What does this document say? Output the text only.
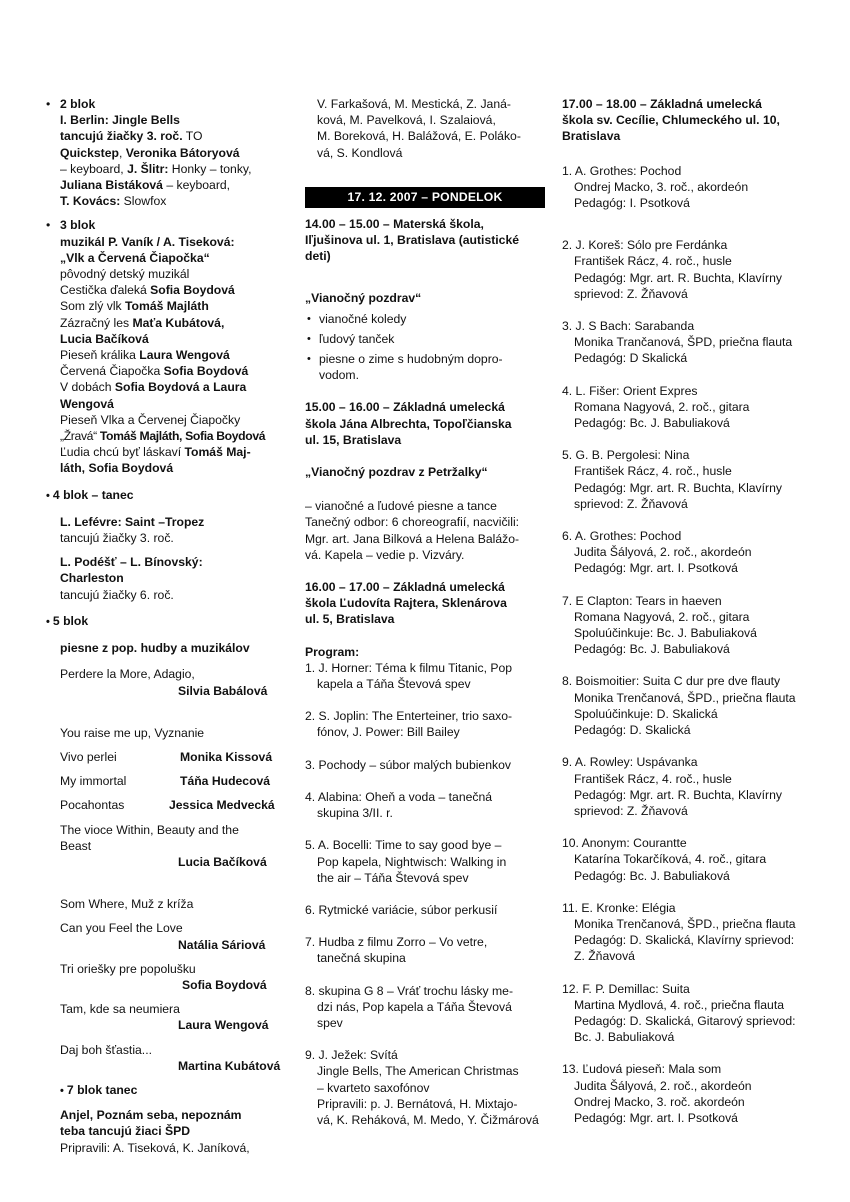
• 2 blok

I. Berlin: Jingle Bells

tancujú žiačky 3. roč. TO

Quickstep, Veronika Bátoryová

– keyboard, J. Šlitr: Honky – tonky,

Juliana Bistáková – keyboard,

T. Kovács: Slowfox

• 3 blok

muzikál P. Vaník / A. Tiseková:

„Vlk a Červená Čiapočka“

pôvodný detský muzikál

Cestička ďaleká Sofia Boydová

Som zlý vlk Tomáš Majláth

Zázračný les Maťa Kubátová,

Lucia Bačíková

Pieseň králika Laura Wengová

Červená Čiapočka Sofia Boydová

V dobách Sofia Boydová a Laura

Wengová

Pieseň Vlka a Červenej Čiapočky

„Žravá“ Tomáš Majláth, Sofia Boydová

Ľudia chcú byť láskaví Tomáš Maj-

láth, Sofia Boydová

• 4 blok – tanec

L. Lefévre: Saint –Tropez

tancujú žiačky 3. roč.

L. Podéšť – L. Bínovský:

Charleston

tancujú žiačky 6. roč.

• 5 blok

piesne z pop. hudby a muzikálov

Perdere la More, Adagio,

Silvia Babálová

You raise me up, Vyznanie

Vivo perlei	Monika Kissová
My immortal	Táňa Hudecová
Pocahontas	Jessica Medvecká

The vioce Within, Beauty and the

Beast

Lucia Bačíková

Som Where, Muž z kríža

Can you Feel the Love

Natália Sáriová

Tri oriešky pre popolušku

Sofia Boydová

Tam, kde sa neumiera

Laura Wengová

Daj boh šťastia...

Martina Kubátová

• 7 blok tanec

Anjel, Poznám seba, nepoznám

teba tancujú žiaci ŠPD

Pripravili: A. Tiseková, K. Janíková,

V. Farkašová, M. Mestická, Z. Janá-

ková, M. Pavelková, I. Szalaiová,

M. Boreková, H. Balážová, E. Poláko-

vá, S. Kondlová

17. 12. 2007 – PONDELOK

14.00 – 15.00 – Materská škola,

Iľjušinova ul. 1, Bratislava (autistické

deti)

„Vianočný pozdrav“

• vianočné koledy

• ľudový tanček

• piesne o zime s hudobným dopro-

vodom.

15.00 – 16.00 – Základná umelecká

škola Jána Albrechta, Topoľčianska

ul. 15, Bratislava

„Vianočný pozdrav z Petržalky“

– vianočné a ľudové piesne a tance

Tanečný odbor: 6 choreografií, nacvičili:

Mgr. art. Jana Bilková a Helena Balážo-

vá. Kapela – vedie p. Vizváry.

16.00 – 17.00 – Základná umelecká

škola Ľudovíta Rajtera, Sklenárova

ul. 5, Bratislava

Program:

1. J. Horner: Téma k filmu Titanic, Pop

kapela a Táňa Števová spev

2. S. Joplin: The Enterteiner, trio saxo-

fónov, J. Power: Bill Bailey

3. Pochody – súbor malých bubienkov

4. Alabina: Oheň a voda – tanečná

skupina 3/II. r.

5. A. Bocelli: Time to say good bye –

Pop kapela, Nightwisch: Walking in

the air – Táňa Števová spev

6. Rytmické variácie, súbor perkusií

7. Hudba z filmu Zorro – Vo vetre,

tanečná skupina

8. skupina G 8 – Vráť trochu lásky me-

dzi nás, Pop kapela a Táňa Števová

spev

9. J. Ježek: Svítá

Jingle Bells, The American Christmas

– kvarteto saxofónov

Pripravili: p. J. Bernátová, H. Mixtajo-

vá, K. Reháková, M. Medo, Y. Čižmárová

17.00 – 18.00 – Základná umelecká

škola sv. Cecílie, Chlumeckého ul. 10,

Bratislava

1. A. Grothes: Pochod

Ondrej Macko, 3. roč., akordeón

Pedagóg: I. Psotková

2. J. Koreš: Sólo pre Ferdánka

František Rácz, 4. roč., husle

Pedagóg: Mgr. art. R. Buchta, Klavírny

sprievod: Z. Žňavová

3. J. S Bach: Sarabanda

Monika Trančanová, ŠPD, priečna flauta

Pedagóg: D Skalická

4. L. Fišer: Orient Expres

Romana Nagyová, 2. roč., gitara

Pedagóg: Bc. J. Babuliaková

5. G. B. Pergolesi: Nina

František Rácz, 4. roč., husle

Pedagóg: Mgr. art. R. Buchta, Klavírny

sprievod: Z. Žňavová

6. A. Grothes: Pochod

Judita Šályová, 2. roč., akordeón

Pedagóg: Mgr. art. I. Psotková

7. E Clapton: Tears in haeven

Romana Nagyová, 2. roč., gitara

Spoluúčinkuje: Bc. J. Babuliaková

Pedagóg: Bc. J. Babuliaková

8. Boismoitier: Suita C dur pre dve flauty

Monika Trenčanová, ŠPD., priečna flauta

Spoluúčinkuje: D. Skalická

Pedagóg: D. Skalická

9. A. Rowley: Uspávanka

František Rácz, 4. roč., husle

Pedagóg: Mgr. art. R. Buchta, Klavírny

sprievod: Z. Žňavová

10. Anonym: Courantte

Katarína Tokarčíková, 4. roč., gitara

Pedagóg: Bc. J. Babuliaková

11. E. Kronke: Elégia

Monika Trenčanová, ŠPD., priečna flauta

Pedagóg: D. Skalická, Klavírny sprievod:

Z. Žňavová

12. F. P. Demillac: Suita

Martina Mydlová, 4. roč., priečna flauta

Pedagóg: D. Skalická, Gitarový sprievod:

Bc. J. Babuliaková

13. Ľudová pieseň: Mala som

Judita Šályová, 2. roč., akordeón

Ondrej Macko, 3. roč. akordeón

Pedagóg: Mgr. art. I. Psotková
